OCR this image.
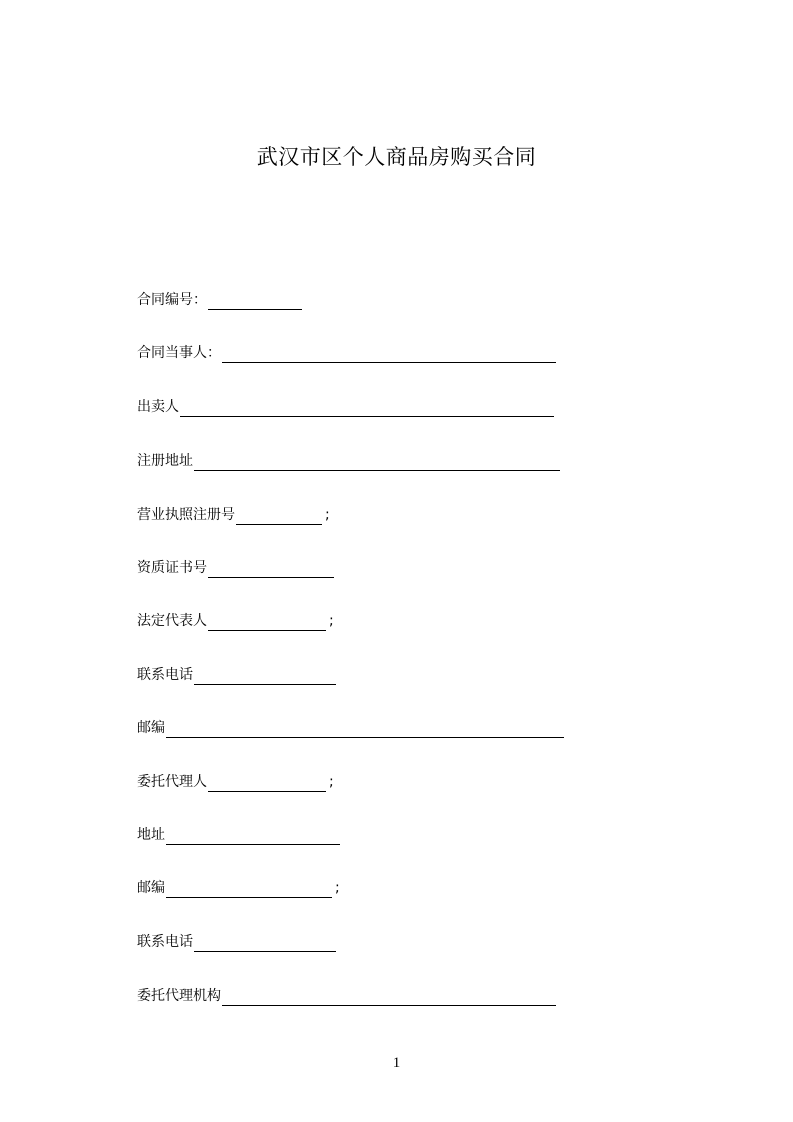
武汉市区个人商品房购买合同
合同编号：
合同当事人：
出卖人
注册地址
营业执照注册号	;
资质证书号
法定代表人	;
联系电话
邮编
委托代理人	;
地址
邮编	;
联系电话
委托代理机构
1
